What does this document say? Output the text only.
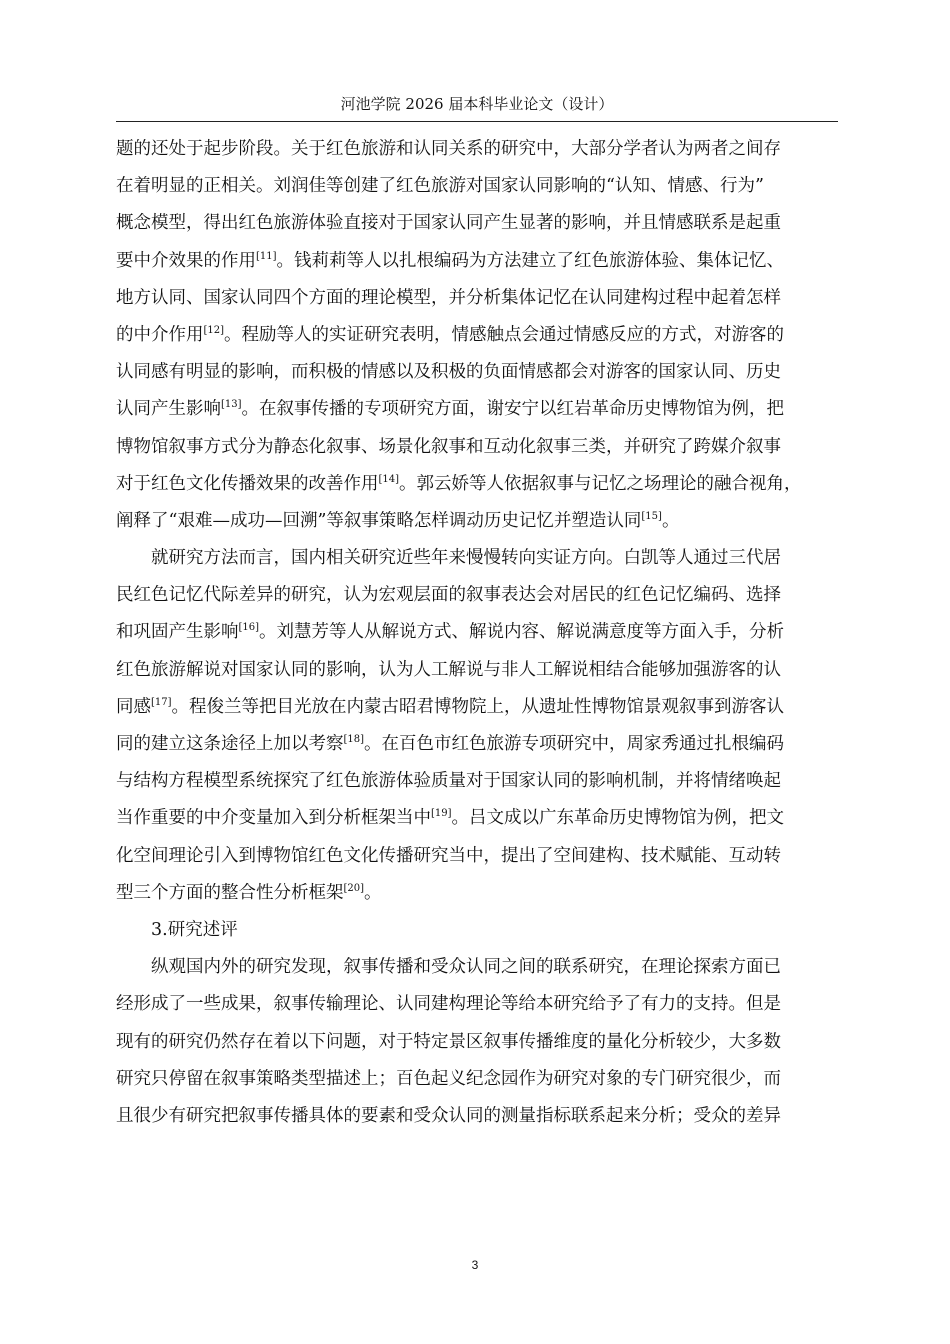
河池学院 2026 届本科毕业论文（设计）
题的还处于起步阶段。关于红色旅游和认同关系的研究中，大部分学者认为两者之间存
在着明显的正相关。刘润佳等创建了红色旅游对国家认同影响的“认知、情感、行为”
概念模型，得出红色旅游体验直接对于国家认同产生显著的影响，并且情感联系是起重
要中介效果的作用[11]。钱莉莉等人以扎根编码为方法建立了红色旅游体验、集体记忆、
地方认同、国家认同四个方面的理论模型，并分析集体记忆在认同建构过程中起着怎样
的中介作用[12]。程励等人的实证研究表明，情感触点会通过情感反应的方式，对游客的
认同感有明显的影响，而积极的情感以及积极的负面情感都会对游客的国家认同、历史
认同产生影响[13]。在叙事传播的专项研究方面，谢安宁以红岩革命历史博物馆为例，把
博物馆叙事方式分为静态化叙事、场景化叙事和互动化叙事三类，并研究了跨媒介叙事
对于红色文化传播效果的改善作用[14]。郭云娇等人依据叙事与记忆之场理论的融合视角，
阐释了“艰难—成功—回溯”等叙事策略怎样调动历史记忆并塑造认同[15]。
就研究方法而言，国内相关研究近些年来慢慢转向实证方向。白凯等人通过三代居
民红色记忆代际差异的研究，认为宏观层面的叙事表达会对居民的红色记忆编码、选择
和巩固产生影响[16]。刘慧芳等人从解说方式、解说内容、解说满意度等方面入手，分析
红色旅游解说对国家认同的影响，认为人工解说与非人工解说相结合能够加强游客的认
同感[17]。程俊兰等把目光放在内蒙古昭君博物院上，从遗址性博物馆景观叙事到游客认
同的建立这条途径上加以考察[18]。在百色市红色旅游专项研究中，周家秀通过扎根编码
与结构方程模型系统探究了红色旅游体验质量对于国家认同的影响机制，并将情绪唤起
当作重要的中介变量加入到分析框架当中[19]。吕文成以广东革命历史博物馆为例，把文
化空间理论引入到博物馆红色文化传播研究当中，提出了空间建构、技术赋能、互动转
型三个方面的整合性分析框架[20]。
3.研究述评
纵观国内外的研究发现，叙事传播和受众认同之间的联系研究，在理论探索方面已
经形成了一些成果，叙事传输理论、认同建构理论等给本研究给予了有力的支持。但是
现有的研究仍然存在着以下问题，对于特定景区叙事传播维度的量化分析较少，大多数
研究只停留在叙事策略类型描述上；百色起义纪念园作为研究对象的专门研究很少，而
且很少有研究把叙事传播具体的要素和受众认同的测量指标联系起来分析；受众的差异
3
